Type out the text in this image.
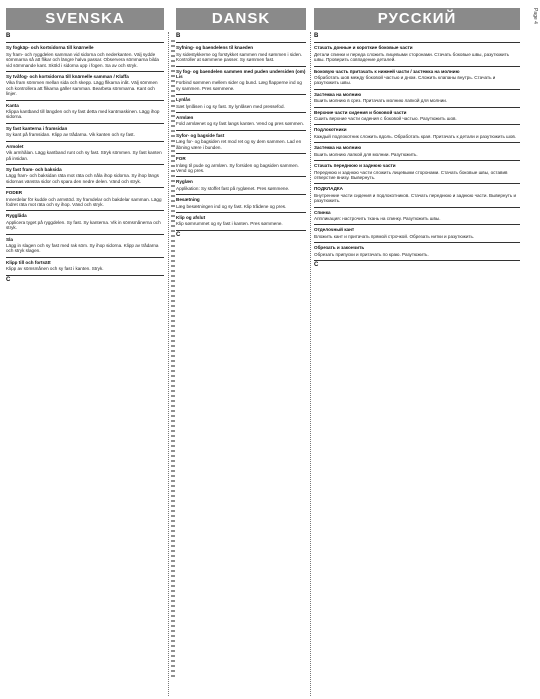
SVENSKA	DANSK	РУССКИЙ	Page 4
B
Sy fogkäp- och kortsidorna till knärnelle
Sy fram- och ryggdelen samman vid sidorna och nederkanten. Välj sydde sömmarna så att flikar och längre halva passar. Observera sömmarna bilda vid sömmande kant. Sköld i sidorna upp i fogen. Sa av och stryk.
Sy tvåfog- och kortsidorna till knärnelle samman / Klaffa
Vika fram sömmen mellan sida och skepp. Lägg flikarna inåt. Välj sömmen och kontrollera att flikarna gäller samman. Bearbeta sömmarna. Kant och linjer.
Kanta
Klippa kantband till längden och sy fast detta med kantmaskinen. Lägg ihop sidorna.
Sy fast kanterna i framsidan
Sy kant på framsidan. Klipp av trådarna. Vik kanten och sy fast.
Armolet
Vik armhålan. Lägg kantband runt och sy fast. Stryk sömmen. Sy fast kanten på insidan.
Sy fast fram- och baksida
Lägg fram- och baksidan räta mot räta och nåla ihop sidorna. Sy ihop längs sidornas vänstra sidor och spara den nedre delen. Vänd och stryk.
FODER
Innerdelar för kudde och armstöd. Sy framdelar och bakdelar samman. Lägg fodret räta mot räta och sy ihop. Vänd och stryk.
Rygglåda
Applicera tyget på ryggdelen. Sy fast. Sy kanterna. Vik in sömsmånerna och stryk.
Sla
Lägg in slagen och sy fast med rak söm. Sy ihop sidorna. Klipp av trådarna och stryk slagen.
Klipp till och fortsätt
Klipp av sömsmånen och sy fast i kanten. Stryk.
C
B
Syfning- og baendelens til knaeden
Sy sidestykkerne og forstykket sammen med sømmen i siden. Kontroller at sømmene passer. Sy sømmen fast.
Sy fog- og baendelen sammen med puden undersiden (om) Lis
Forbind sømmen mellem sider og bund. Læg flapperne ind og sy sammen. Pres sømmene.
Lynlås
Sæt lynlåsen i og sy fast. Sy lynlåsen med pressefod.
Armlæn
Fold armlænet og sy fast langs kanten. Vend og pres sømmen.
Syfor- og bagside fast
Læg for- og bagsiden ret mod ret og sy dem sammen. Lad en åbning være i bunden.
FOR
Inlæg til pude og armlæn. Sy forsiden og bagsiden sammen. Vend og pres.
Ryglæn
Applikation: Sy stoffet fast på ryglænet. Pres sømmene.
Besætning
Læg besætningen ind og sy fast. Klip trådene og pres.
Klip og afslut
Klip sømrummet og sy fast i kanten. Pres sømmene.
C
B
Стачать донные и короткие боковые части
Детали спинки и переда сложить лицевыми сторонами. Стачать боковые швы, разутюжить швы. Проверить совпадение деталей.
Боковую часть притачать к нижней части / застежка на молнию
Обработать шов между боковой частью и дном. Сложить клапаны внутрь. Стачать и разутюжить швы.
Застежка на молнию
Вшить молнию в срез. Притачать молнию лапкой для молнии.
Верхние части сидения и боковой части
Сшить верхние части сидения с боковой частью. Разутюжить шов.
Подлокотники
Каждый подлокотник сложить вдоль. Обработать края. Притачать к детали и разутюжить шов.
Застежка на молнию
Вшить молнию лапкой для молнии. Разутюжить.
Стачать переднюю и заднюю части
Переднюю и заднюю части сложить лицевыми сторонами. Стачать боковые швы, оставив отверстие внизу. Вывернуть.
ПОДКЛАДКА
Внутренние части сидения и подлокотников. Стачать переднюю и заднюю части. Вывернуть и разутюжить.
Спинка
Аппликация: настрочить ткань на спинку. Разутюжить швы.
Отделочный кант
Вложить кант и притачать прямой строчкой. Обрезать нитки и разутюжить.
Обрезать и закончить
Обрезать припуски и притачать по краю. Разутюжить.
C
